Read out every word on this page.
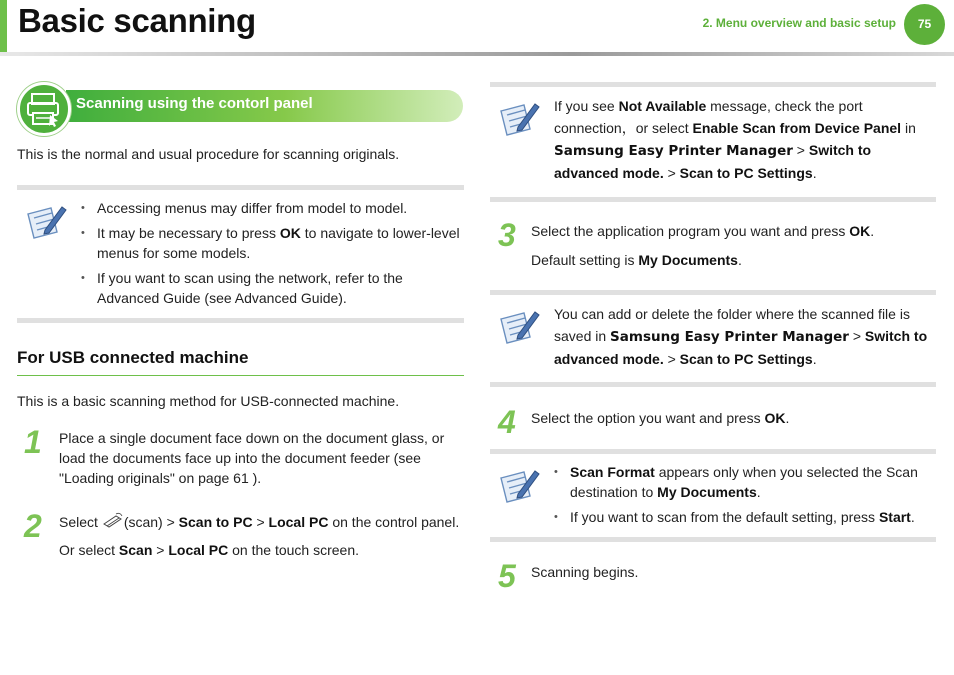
Basic scanning	2. Menu overview and basic setup	75
Scanning using the contorl panel
This is the normal and usual procedure for scanning originals.
• Accessing menus may differ from model to model.
• It may be necessary to press OK to navigate to lower-level menus for some models.
• If you want to scan using the network, refer to the Advanced Guide (see Advanced Guide).
For USB connected machine
This is a basic scanning method for USB-connected machine.
1 Place a single document face down on the document glass, or load the documents face up into the document feeder (see "Loading originals" on page 61 ).
2 Select (scan) > Scan to PC > Local PC on the control panel.
Or select Scan > Local PC on the touch screen.
If you see Not Available message, check the port connection，or select Enable Scan from Device Panel in Samsung Easy Printer Manager > Switch to advanced mode. > Scan to PC Settings.
3 Select the application program you want and press OK.
Default setting is My Documents.
You can add or delete the folder where the scanned file is saved in Samsung Easy Printer Manager > Switch to advanced mode. > Scan to PC Settings.
4 Select the option you want and press OK.
• Scan Format appears only when you selected the Scan destination to My Documents.
• If you want to scan from the default setting, press Start.
5 Scanning begins.
